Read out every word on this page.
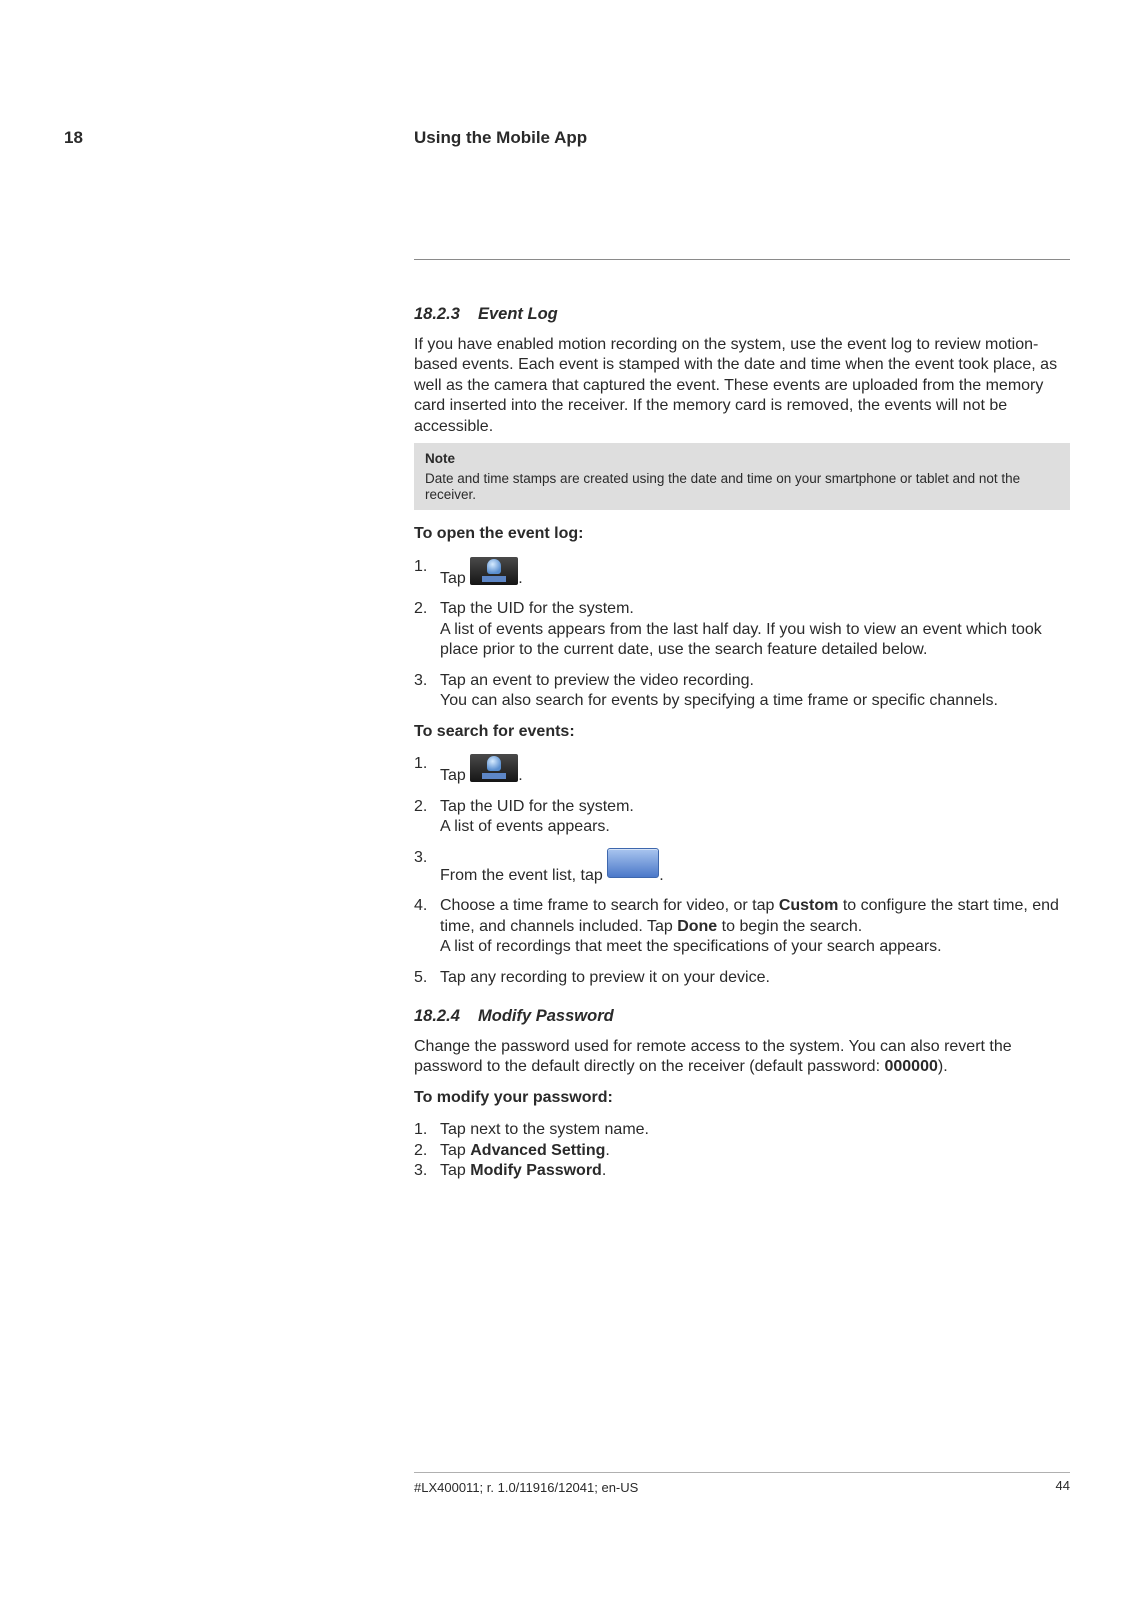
18	Using the Mobile App
18.2.3 Event Log

If you have enabled motion recording on the system, use the event log to review motion-based events. Each event is stamped with the date and time when the event took place, as well as the camera that captured the event. These events are uploaded from the memory card inserted into the receiver. If the memory card is removed, the events will not be accessible.

Note
Date and time stamps are created using the date and time on your smartphone or tablet and not the receiver.
To open the event log:
1.
Tap	.
2. Tap the UID for the system.
A list of events appears from the last half day. If you wish to view an event which took place prior to the current date, use the search feature detailed below.
3. Tap an event to preview the video recording.
You can also search for events by specifying a time frame or specific channels.
To search for events:
1.
Tap	.
2. Tap the UID for the system.
A list of events appears.
3.
From the event list, tap	.
4. Choose a time frame to search for video, or tap Custom to configure the start time, end time, and channels included. Tap Done to begin the search.
A list of recordings that meet the specifications of your search appears.
5. Tap any recording to preview it on your device.
18.2.4 Modify Password

Change the password used for remote access to the system. You can also revert the password to the default directly on the receiver (default password: 000000).

To modify your password:
1. Tap next to the system name.
2. Tap Advanced Setting.
3. Tap Modify Password.
#LX400011; r. 1.0/11916/12041; en-US	44
